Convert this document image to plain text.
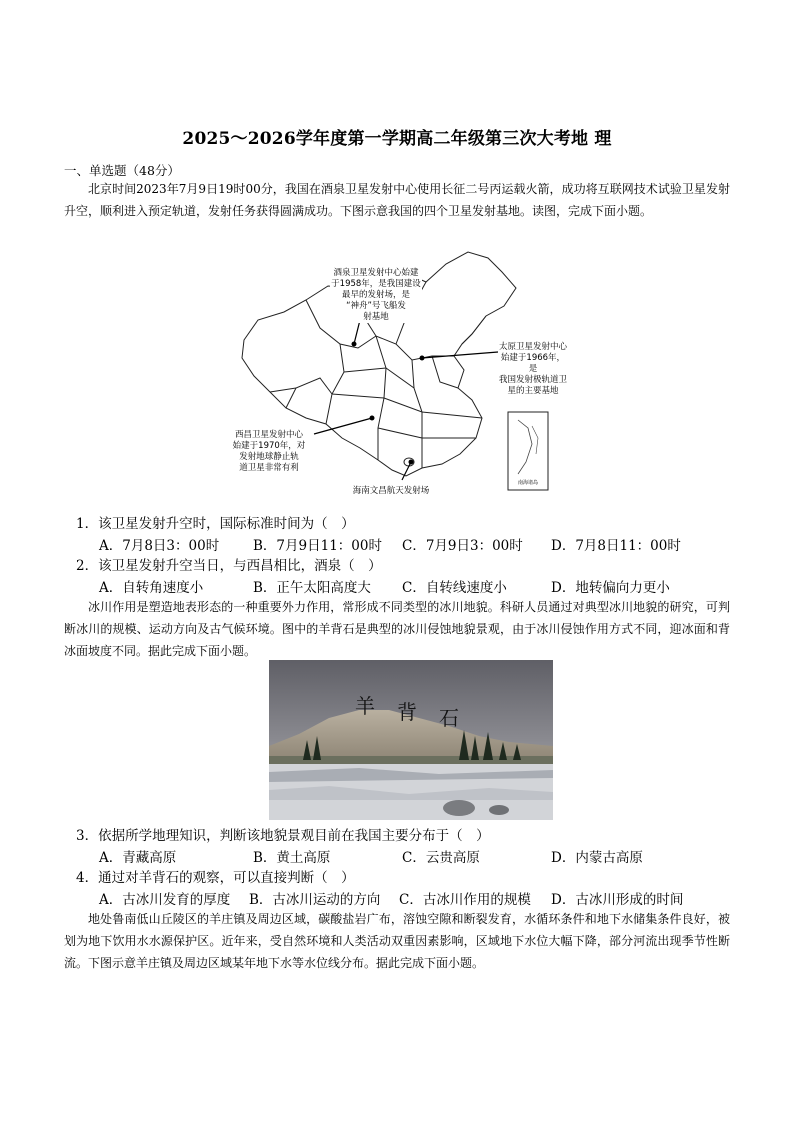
2025～2026学年度第一学期高二年级第三次大考地 理
一、单选题（48分）
北京时间2023年7月9日19时00分，我国在酒泉卫星发射中心使用长征二号丙运载火箭，成功将互联网技术试验卫星发射升空，顺利进入预定轨道，发射任务获得圆满成功。下图示意我国的四个卫星发射基地。读图，完成下面小题。
酒泉卫星发射中心始建
于1958年，是我国建设
最早的发射场，是
“神舟”号飞船发
射基地
太原卫星发射中心
始建于1966年，是
我国发射极轨道卫
星的主要基地
西昌卫星发射中心
始建于1970年，对
发射地球静止轨
道卫星非常有利
海南文昌航天发射场
南海诸岛
1．该卫星发射升空时，国际标准时间为（　）
A．7月8日3：00时	B．7月9日11：00时 C．7月9日3：00时 D．7月8日11：00时
2．该卫星发射升空当日，与西昌相比，酒泉（　）
A．自转角速度小	B．正午太阳高度大 C．自转线速度小	D．地转偏向力更小
冰川作用是塑造地表形态的一种重要外力作用，常形成不同类型的冰川地貌。科研人员通过对典型冰川地貌的研究，可判断冰川的规模、运动方向及古气候环境。图中的羊背石是典型的冰川侵蚀地貌景观，由于冰川侵蚀作用方式不同，迎冰面和背冰面坡度不同。据此完成下面小题。
羊 背 石
3．依据所学地理知识，判断该地貌景观目前在我国主要分布于（　）
A．青藏高原	B．黄土高原	C．云贵高原	D．内蒙古高原
4．通过对羊背石的观察，可以直接判断（　）
A．古冰川发育的厚度 B．古冰川运动的方向 C．古冰川作用的规模 D．古冰川形成的时间
地处鲁南低山丘陵区的羊庄镇及周边区域，碳酸盐岩广布，溶蚀空隙和断裂发育，水循环条件和地下水储集条件良好，被划为地下饮用水水源保护区。近年来，受自然环境和人类活动双重因素影响，区域地下水位大幅下降，部分河流出现季节性断流。下图示意羊庄镇及周边区域某年地下水等水位线分布。据此完成下面小题。
